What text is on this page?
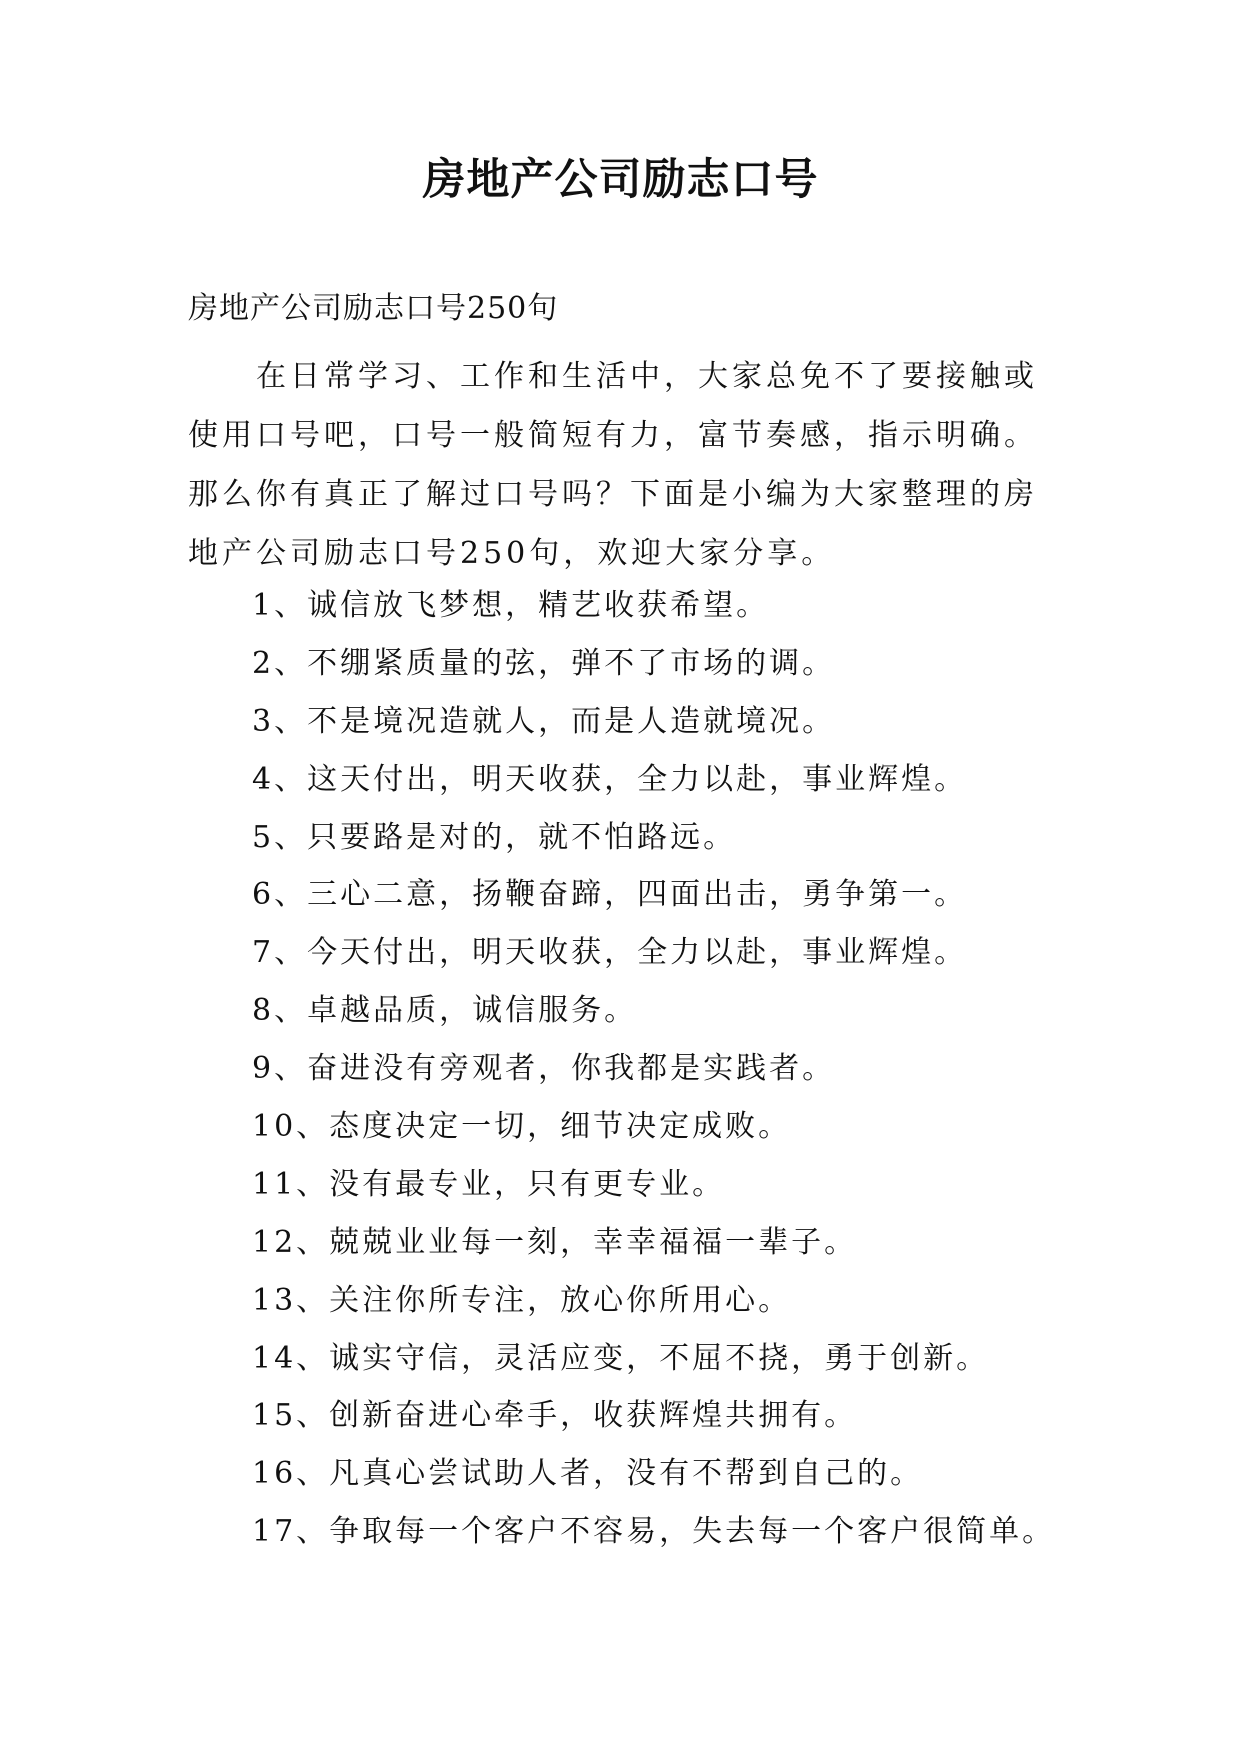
房地产公司励志口号

房地产公司励志口号250句

在日常学习、工作和生活中，大家总免不了要接触或使用口号吧，口号一般简短有力，富节奏感，指示明确。那么你有真正了解过口号吗？下面是小编为大家整理的房地产公司励志口号250句，欢迎大家分享。

1、诚信放飞梦想，精艺收获希望。
2、不绷紧质量的弦，弹不了市场的调。
3、不是境况造就人，而是人造就境况。
4、这天付出，明天收获，全力以赴，事业辉煌。
5、只要路是对的，就不怕路远。
6、三心二意，扬鞭奋蹄，四面出击，勇争第一。
7、今天付出，明天收获，全力以赴，事业辉煌。
8、卓越品质，诚信服务。
9、奋进没有旁观者，你我都是实践者。
10、态度决定一切，细节决定成败。
11、没有最专业，只有更专业。
12、兢兢业业每一刻，幸幸福福一辈子。
13、关注你所专注，放心你所用心。
14、诚实守信，灵活应变，不屈不挠，勇于创新。
15、创新奋进心牵手，收获辉煌共拥有。
16、凡真心尝试助人者，没有不帮到自己的。
17、争取每一个客户不容易，失去每一个客户很简单。
